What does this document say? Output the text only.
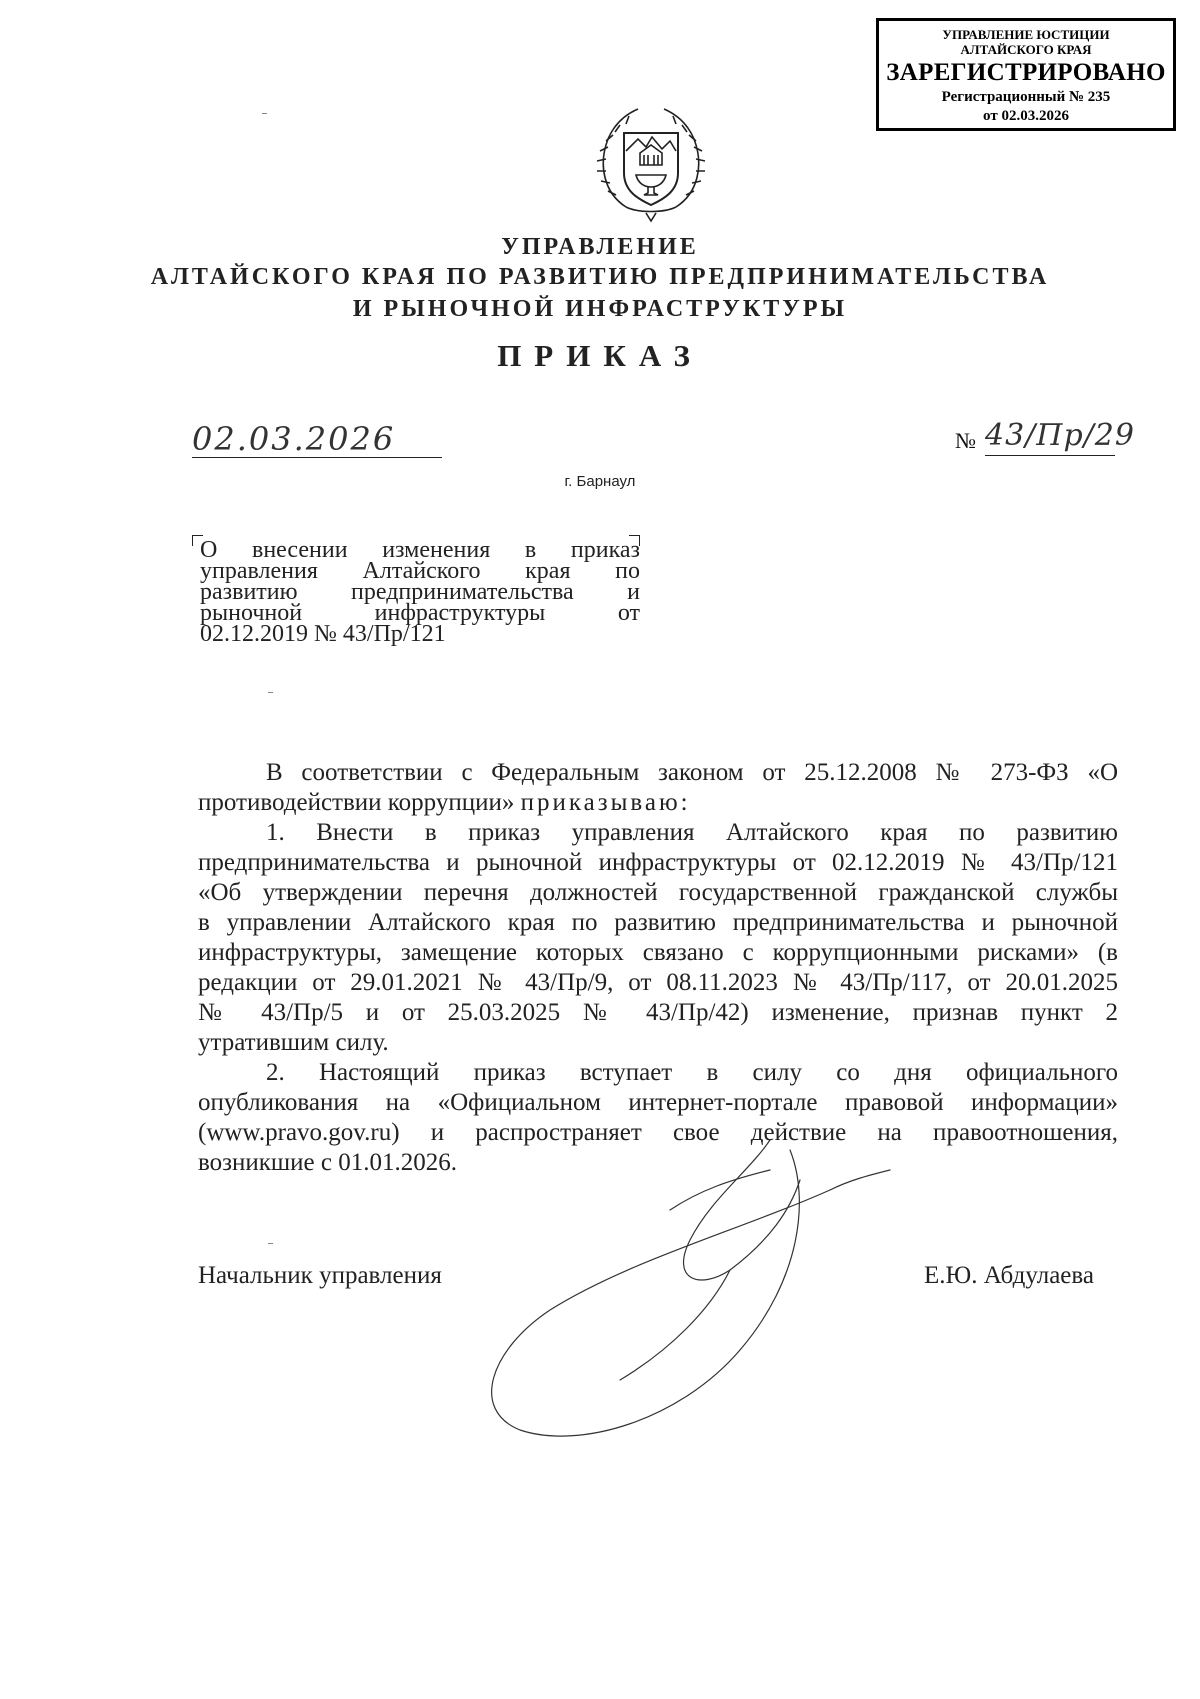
УПРАВЛЕНИЕ ЮСТИЦИИ
АЛТАЙСКОГО КРАЯ
ЗАРЕГИСТРИРОВАНО
Регистрационный № 235
от 02.03.2026
УПРАВЛЕНИЕ
АЛТАЙСКОГО КРАЯ ПО РАЗВИТИЮ ПРЕДПРИНИМАТЕЛЬСТВА
И РЫНОЧНОЙ ИНФРАСТРУКТУРЫ
ПРИКАЗ
02.03.2026	№ 43/Пр/29
г. Барнаул
О внесении изменения в приказ
управления Алтайского края по
развитию предпринимательства и
рыночной инфраструктуры от
02.12.2019 № 43/Пр/121

В соответствии с Федеральным законом от 25.12.2008 № 273-ФЗ «О
противодействии коррупции» приказываю:

1. Внести в приказ управления Алтайского края по развитию
предпринимательства и рыночной инфраструктуры от 02.12.2019 № 43/Пр/121
«Об утверждении перечня должностей государственной гражданской службы
в управлении Алтайского края по развитию предпринимательства и рыночной
инфраструктуры, замещение которых связано с коррупционными рисками» (в
редакции от 29.01.2021 № 43/Пр/9, от 08.11.2023 № 43/Пр/117, от 20.01.2025
№ 43/Пр/5 и от 25.03.2025 № 43/Пр/42) изменение, признав пункт 2
утратившим силу.

2. Настоящий приказ вступает в силу со дня официального
опубликования на «Официальном интернет-портале правовой информации»
(www.pravo.gov.ru) и распространяет свое действие на правоотношения,
возникшие с 01.01.2026.

Начальник управления	Е.Ю. Абдулаева
